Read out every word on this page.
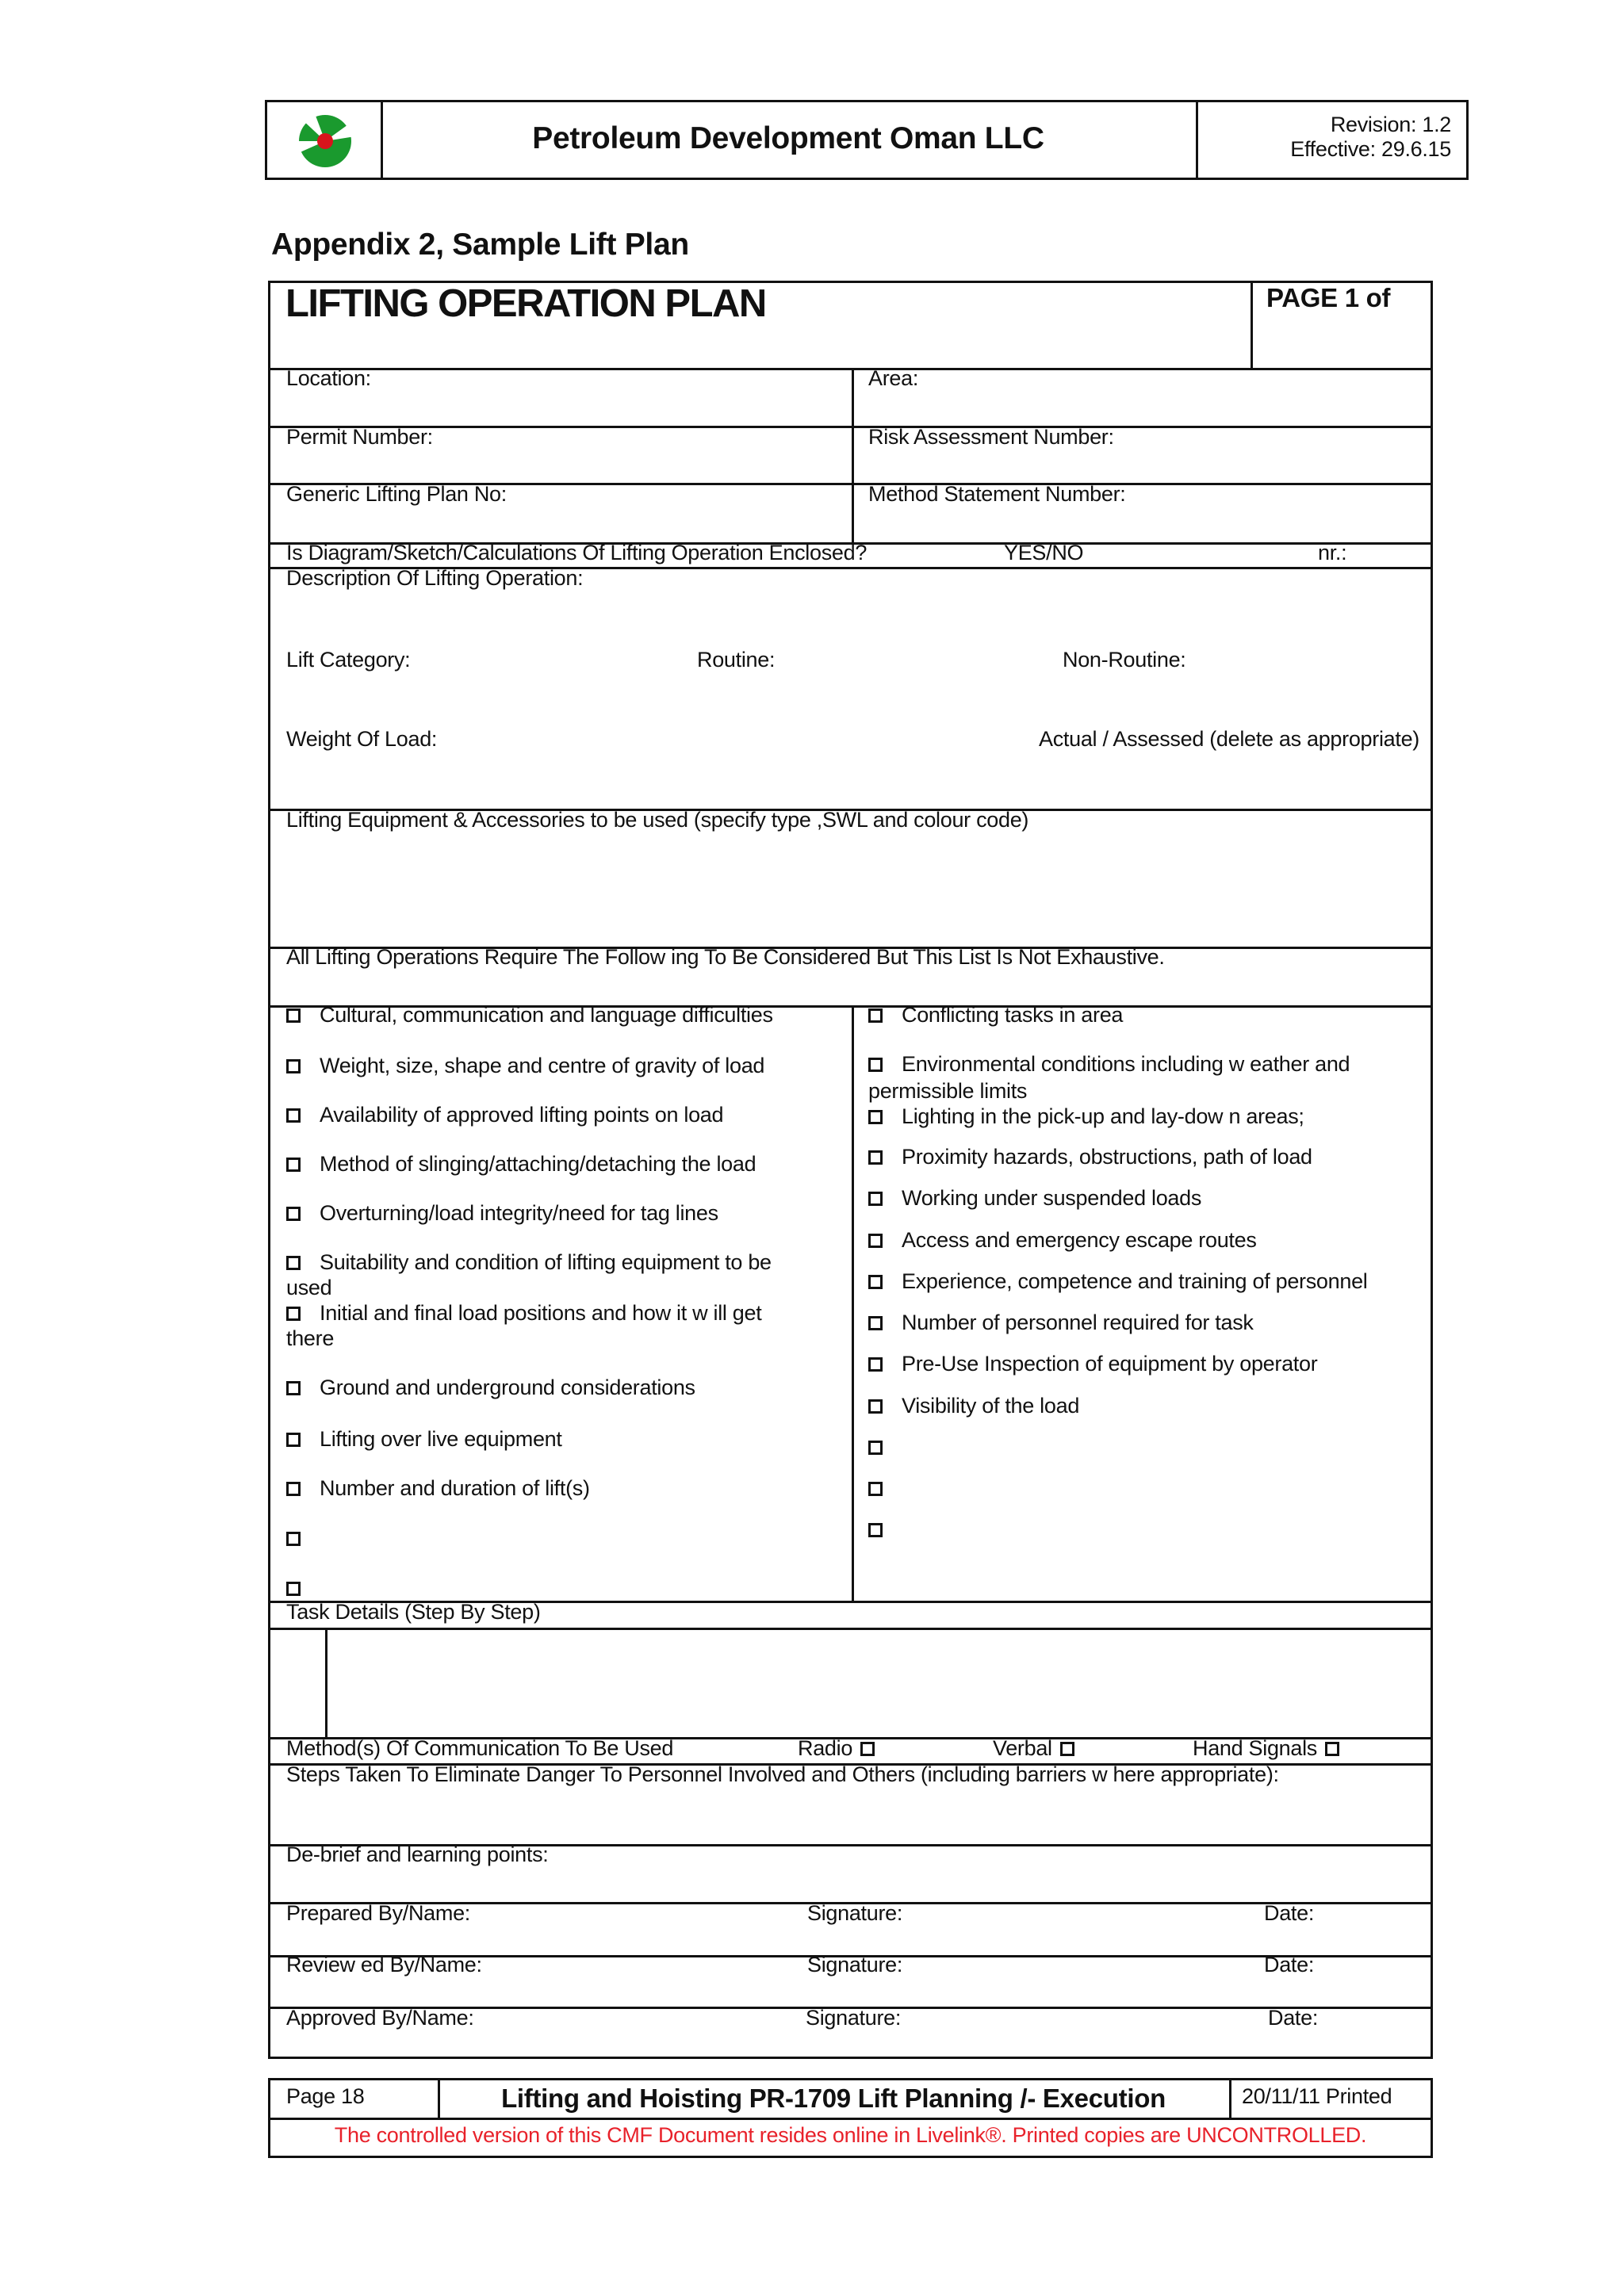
Petroleum Development Oman LLC	Revision: 1.2
Effective: 29.6.15
Appendix 2, Sample Lift Plan
LIFTING OPERATION PLAN	PAGE 1 of
Location:	Area:
Permit Number:	Risk Assessment Number:
Generic Lifting Plan No:	Method Statement Number:
Is Diagram/Sketch/Calculations Of Lifting Operation Enclosed?	YES/NO	nr.:
Description Of Lifting Operation:
Lift Category:	Routine:	Non-Routine:
Weight Of Load:	Actual / Assessed (delete as appropriate)
Lifting Equipment & Accessories to be used (specify type ,SWL and colour code)
All Lifting Operations Require The Follow ing To Be Considered But This List Is Not Exhaustive.
Cultural, communication and language difficulties
Weight, size, shape and centre of gravity of load
Availability of approved lifting points on load
Method of slinging/attaching/detaching the load
Overturning/load integrity/need for tag lines
Suitability and condition of lifting equipment to be
used
Initial and final load positions and how it w ill get
there
Ground and underground considerations
Lifting over live equipment
Number and duration of lift(s)
Conflicting tasks in area
Environmental conditions including w eather and
permissible limits
Lighting in the pick-up and lay-dow n areas;
Proximity hazards, obstructions, path of load
Working under suspended loads
Access and emergency escape routes
Experience, competence and training of personnel
Number of personnel required for task
Pre-Use Inspection of equipment by operator
Visibility of the load
Task Details (Step By Step)
Method(s) Of Communication To Be Used	Radio	Verbal	Hand Signals
Steps Taken To Eliminate Danger To Personnel Involved and Others (including barriers w here appropriate):
De-brief and learning points:
Prepared By/Name:	Signature:	Date:
Review ed By/Name:	Signature:	Date:
Approved By/Name:	Signature:	Date:
Page 18	Lifting and Hoisting PR-1709 Lift Planning /- Execution	20/11/11 Printed
The controlled version of this CMF Document resides online in Livelink®. Printed copies are UNCONTROLLED.
